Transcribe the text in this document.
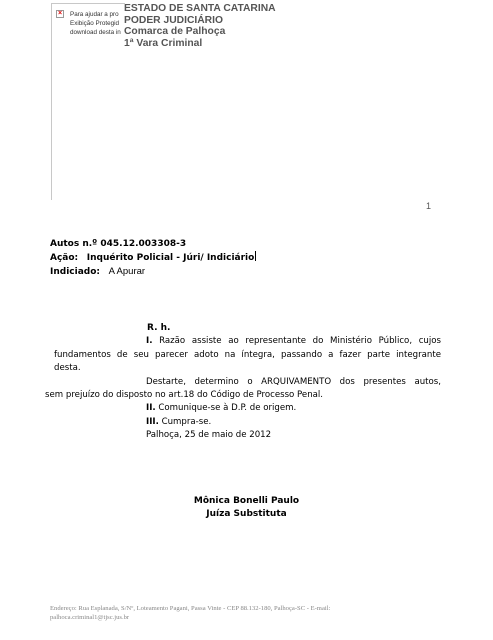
×	Para ajudar a pro
Exibição Protegid
download desta in
ESTADO DE SANTA CATARINA
PODER JUDICIÁRIO
Comarca de Palhoça
1ª Vara Criminal
1
Autos n.º 045.12.003308-3
Ação: Inquérito Policial - Júri/ Indiciário
Indiciado: A Apurar

R. h.

I. Razão assiste ao representante do Ministério Público, cujos

fundamentos de seu parecer adoto na íntegra, passando a fazer parte integrante

desta.

Destarte, determino o ARQUIVAMENTO dos presentes autos,

sem prejuízo do disposto no art.18 do Código de Processo Penal.

II. Comunique-se à D.P. de origem.

III. Cumpra-se.

Palhoça, 25 de maio de 2012

Mônica Bonelli Paulo
Juíza Substituta
Endereço: Rua Esplanada, S/Nº, Loteamento Pagani, Passa Vinte - CEP 88.132-180, Palhoça-SC - E-mail:
palhoca.criminal1@tjsc.jus.br
